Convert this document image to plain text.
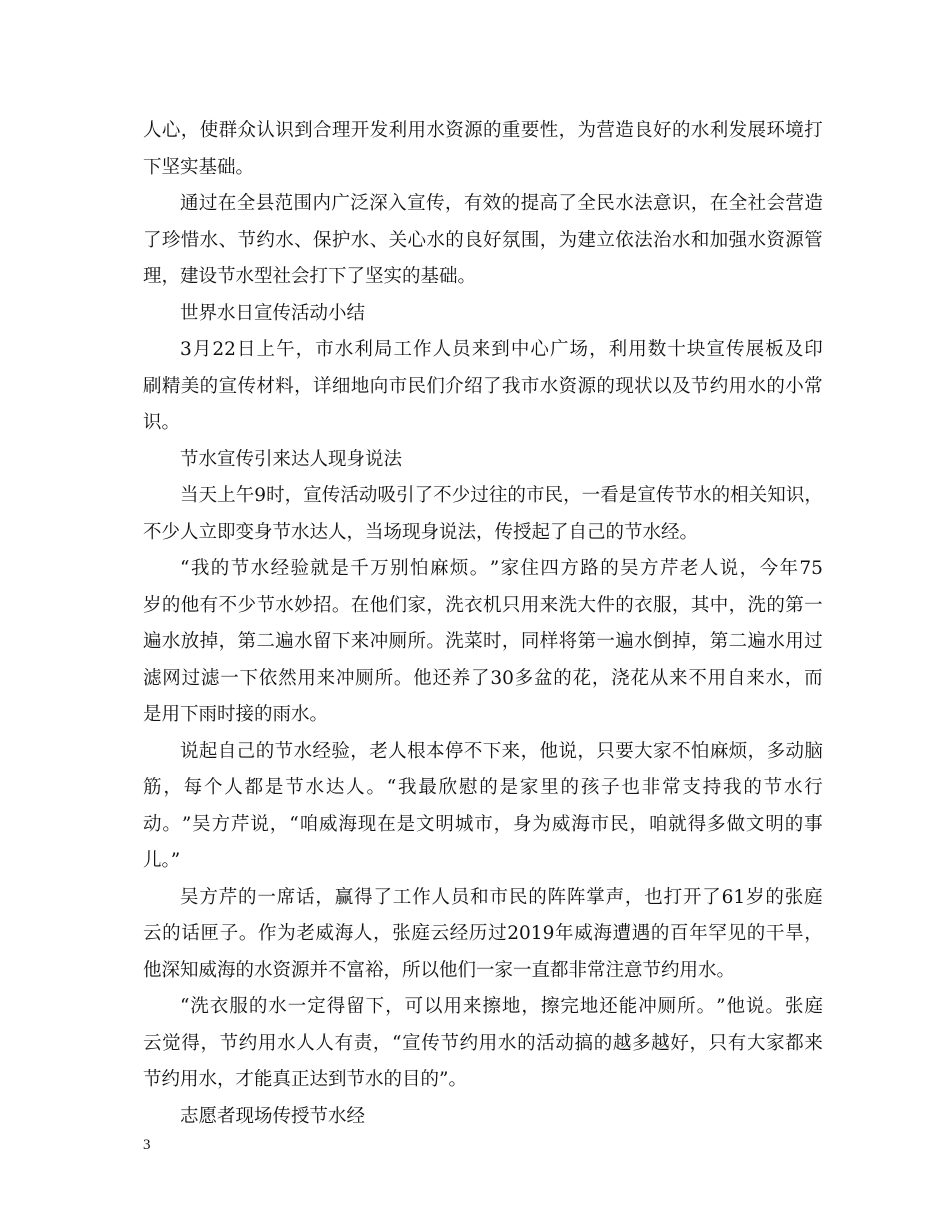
人 心 ， 使 群 众 认 识 到 合 理 开 发 利 用 水 资 源 的 重 要 性 ， 为 营 造 良 好 的 水 利 发 展 环 境 打
下坚实基础。
通 过 在 全 县 范 围 内 广 泛 深 入 宣 传 ， 有 效 的 提 高 了 全 民 水 法 意 识 ， 在 全 社 会 营 造
了 珍 惜 水 、 节 约 水 、 保 护 水 、 关 心 水 的 良 好 氛 围 ， 为 建 立 依 法 治 水 和 加 强 水 资 源 管
理，建设节水型社会打下了坚实的基础。
世界水日宣传活动小结
3 月 22 日 上 午 ， 市 水 利 局 工 作 人 员 来 到 中 心 广 场 ， 利 用 数 十 块 宣 传 展 板 及 印
刷 精 美 的 宣 传 材 料 ， 详 细 地 向 市 民 们 介 绍 了 我 市 水 资 源 的 现 状 以 及 节 约 用 水 的 小 常
识。
节水宣传引来达人现身说法
当 天 上 午 9 时 ， 宣 传 活 动 吸 引 了 不 少 过 往 的 市 民 ， 一 看 是 宣 传 节 水 的 相 关 知 识 ，
不少人立即变身节水达人，当场现身说法，传授起了自己的节水经。
“ 我 的 节 水 经 验 就 是 千 万 别 怕 麻 烦 。 ” 家 住 四 方 路 的 吴 方 芹 老 人 说 ， 今 年 75
岁 的 他 有 不 少 节 水 妙 招 。 在 他 们 家 ， 洗 衣 机 只 用 来 洗 大 件 的 衣 服 ， 其 中 ， 洗 的 第 一
遍 水 放 掉 ， 第 二 遍 水 留 下 来 冲 厕 所 。 洗 菜 时 ， 同 样 将 第 一 遍 水 倒 掉 ， 第 二 遍 水 用 过
滤 网 过 滤 一 下 依 然 用 来 冲 厕 所 。 他 还 养 了 30 多 盆 的 花 ， 浇 花 从 来 不 用 自 来 水 ， 而
是用下雨时接的雨水。
说 起 自 己 的 节 水 经 验 ， 老 人 根 本 停 不 下 来 ， 他 说 ， 只 要 大 家 不 怕 麻 烦 ， 多 动 脑
筋 ， 每 个 人 都 是 节 水 达 人 。 “ 我 最 欣 慰 的 是 家 里 的 孩 子 也 非 常 支 持 我 的 节 水 行
动 。 ” 吴 方 芹 说 ， “ 咱 威 海 现 在 是 文 明 城 市 ， 身 为 威 海 市 民 ， 咱 就 得 多 做 文 明 的 事
儿。”
吴 方 芹 的 一 席 话 ， 赢 得 了 工 作 人 员 和 市 民 的 阵 阵 掌 声 ， 也 打 开 了 61 岁 的 张 庭
云 的 话 匣 子 。 作 为 老 威 海 人 ， 张 庭 云 经 历 过 2019 年 威 海 遭 遇 的 百 年 罕 见 的 干 旱 ，
他深知威海的水资源并不富裕，所以他们一家一直都非常注意节约用水。
“ 洗 衣 服 的 水 一 定 得 留 下 ， 可 以 用 来 擦 地 ， 擦 完 地 还 能 冲 厕 所 。 ” 他 说 。 张 庭
云 觉 得 ， 节 约 用 水 人 人 有 责 ， “ 宣 传 节 约 用 水 的 活 动 搞 的 越 多 越 好 ， 只 有 大 家 都 来
节约用水，才能真正达到节水的目的”。
志愿者现场传授节水经
3
